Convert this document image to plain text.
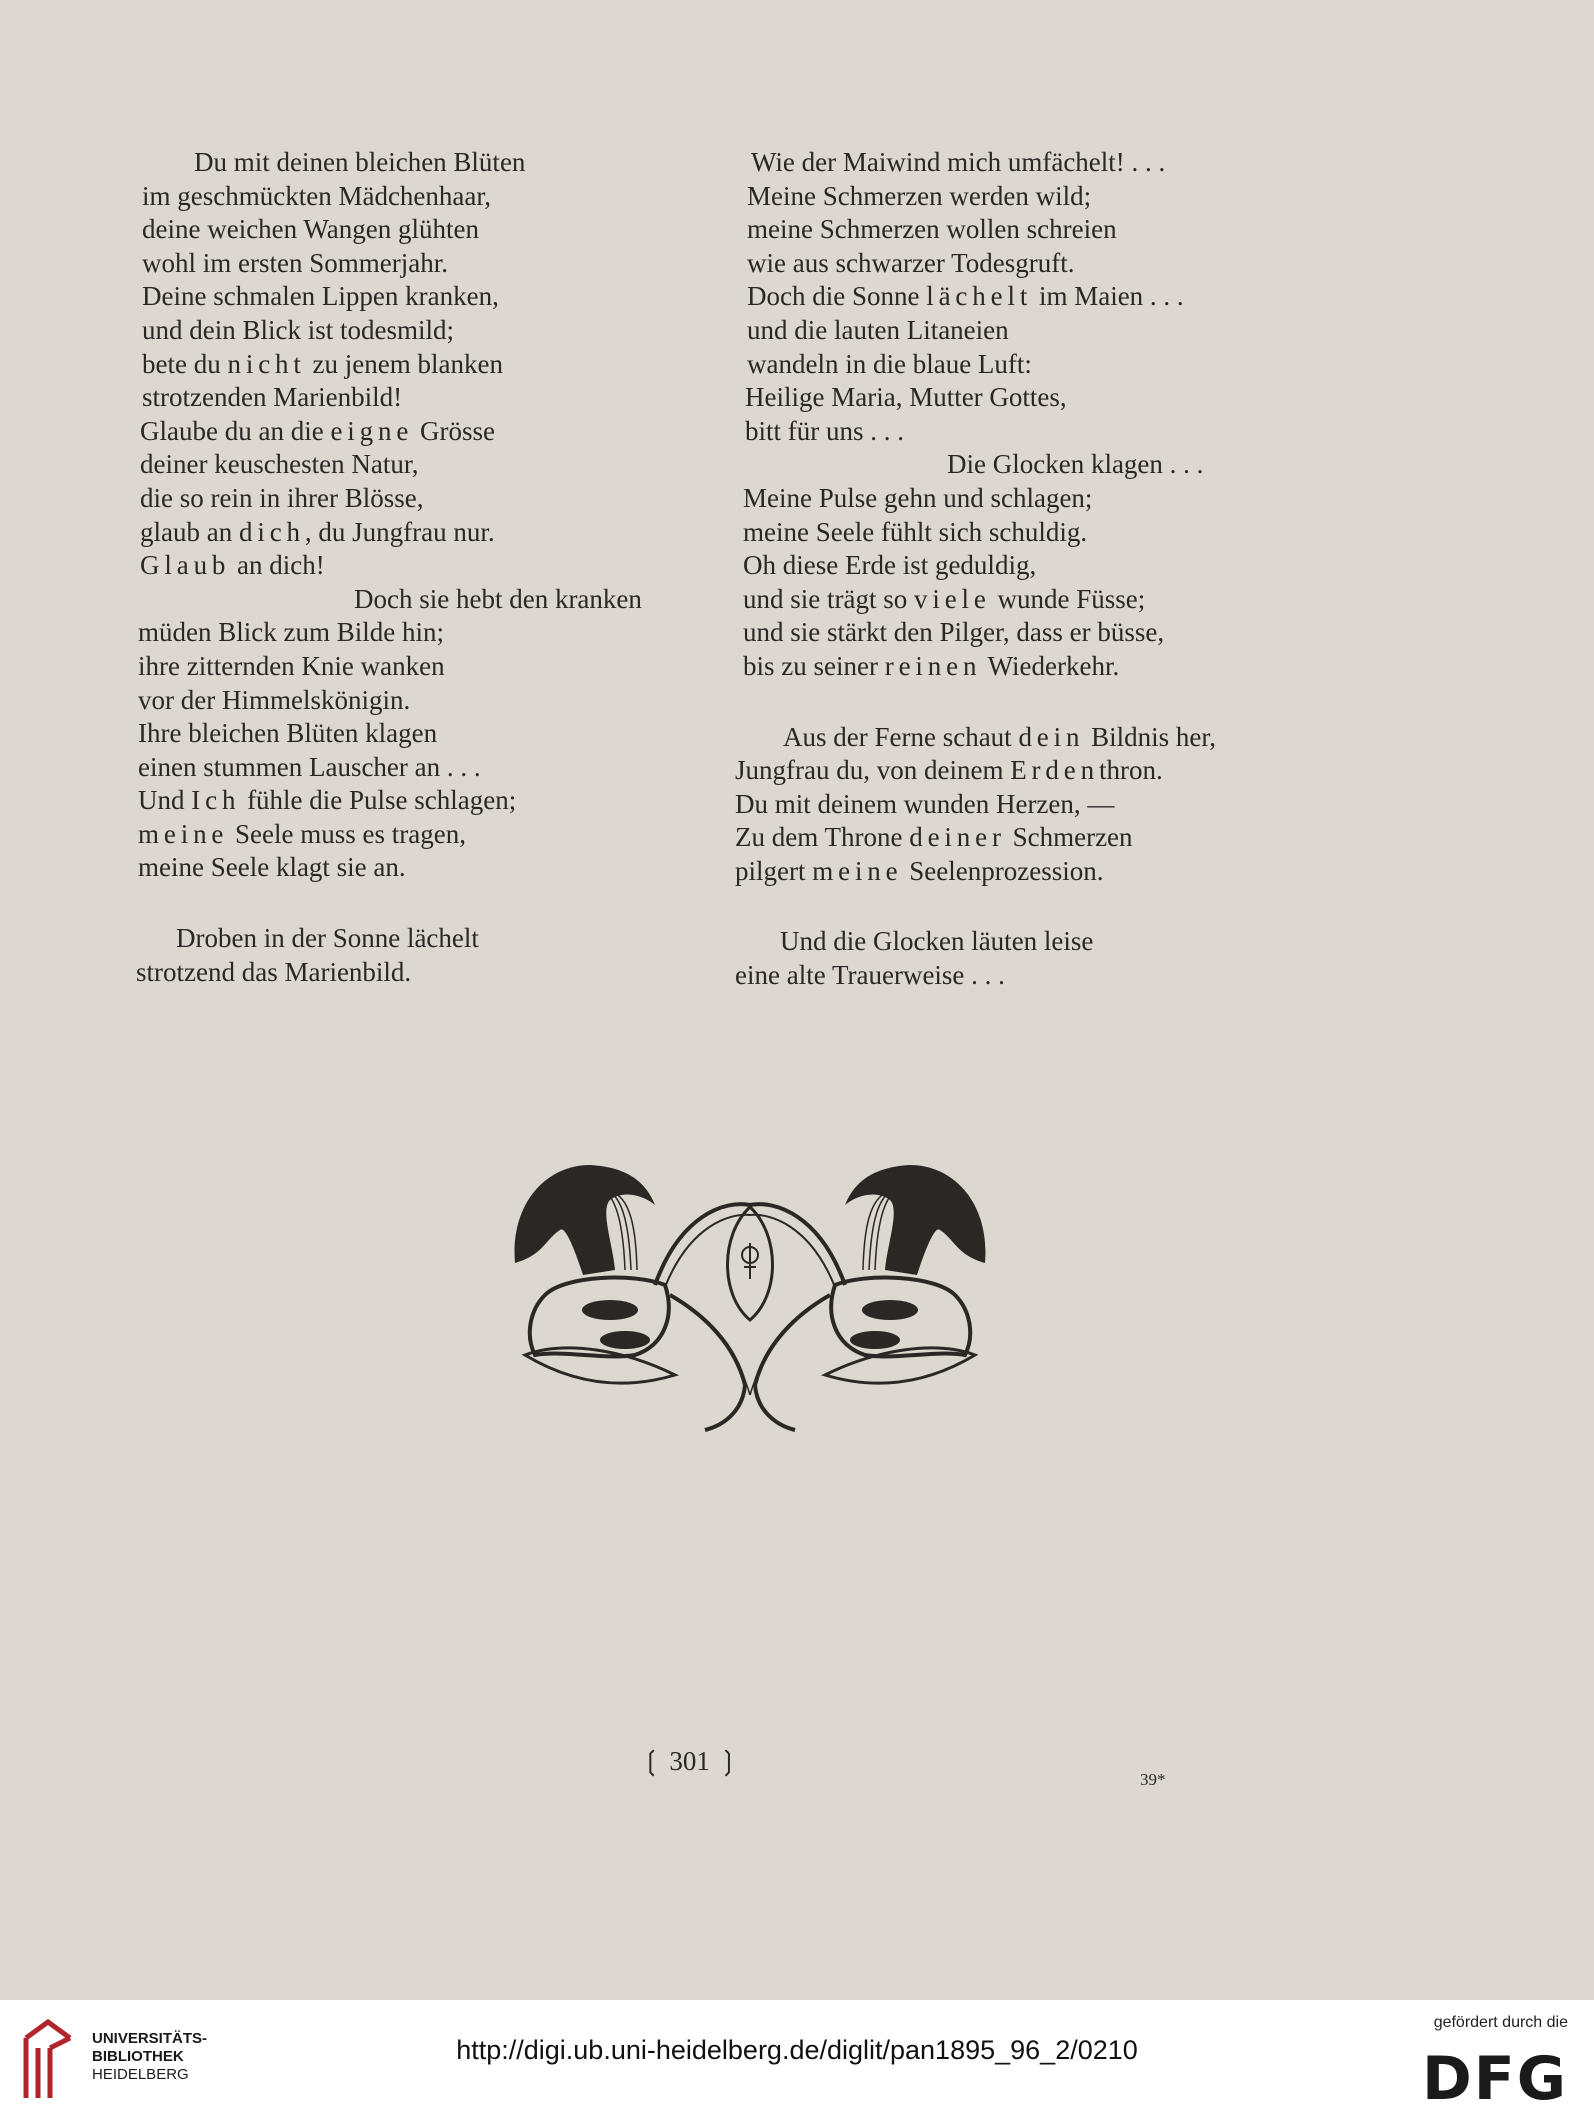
Du mit deinen bleichen Blüten
im geschmückten Mädchenhaar,
deine weichen Wangen glühten
wohl im ersten Sommerjahr.
Deine schmalen Lippen kranken,
und dein Blick ist todesmild;
bete du nicht zu jenem blanken
strotzenden Marienbild!
Glaube du an die eigne Grösse
deiner keuschesten Natur,
die so rein in ihrer Blösse,
glaub an dich, du Jungfrau nur.
Glaub an dich!
Doch sie hebt den kranken
müden Blick zum Bilde hin;
ihre zitternden Knie wanken
vor der Himmelskönigin.
Ihre bleichen Blüten klagen
einen stummen Lauscher an . . .
Und Ich fühle die Pulse schlagen;
meine Seele muss es tragen,
meine Seele klagt sie an.
Droben in der Sonne lächelt
strotzend das Marienbild.
Wie der Maiwind mich umfächelt! . . .
Meine Schmerzen werden wild;
meine Schmerzen wollen schreien
wie aus schwarzer Todesgruft.
Doch die Sonne lächelt im Maien . . .
und die lauten Litaneien
wandeln in die blaue Luft:
Heilige Maria, Mutter Gottes,
bitt für uns . . .
Die Glocken klagen . . .
Meine Pulse gehn und schlagen;
meine Seele fühlt sich schuldig.
Oh diese Erde ist geduldig,
und sie trägt so viele wunde Füsse;
und sie stärkt den Pilger, dass er büsse,
bis zu seiner reinen Wiederkehr.
Aus der Ferne schaut dein Bildnis her,
Jungfrau du, von deinem Erdenthron.
Du mit deinem wunden Herzen, —
Zu dem Throne deiner Schmerzen
pilgert meine Seelenprozession.
Und die Glocken läuten leise
eine alte Trauerweise . . .
❲ 301 ❳
39*
UNIVERSITÄTS-
BIBLIOTHEK
HEIDELBERG
http://digi.ub.uni-heidelberg.de/diglit/pan1895_96_2/0210
gefördert durch die
DFG
